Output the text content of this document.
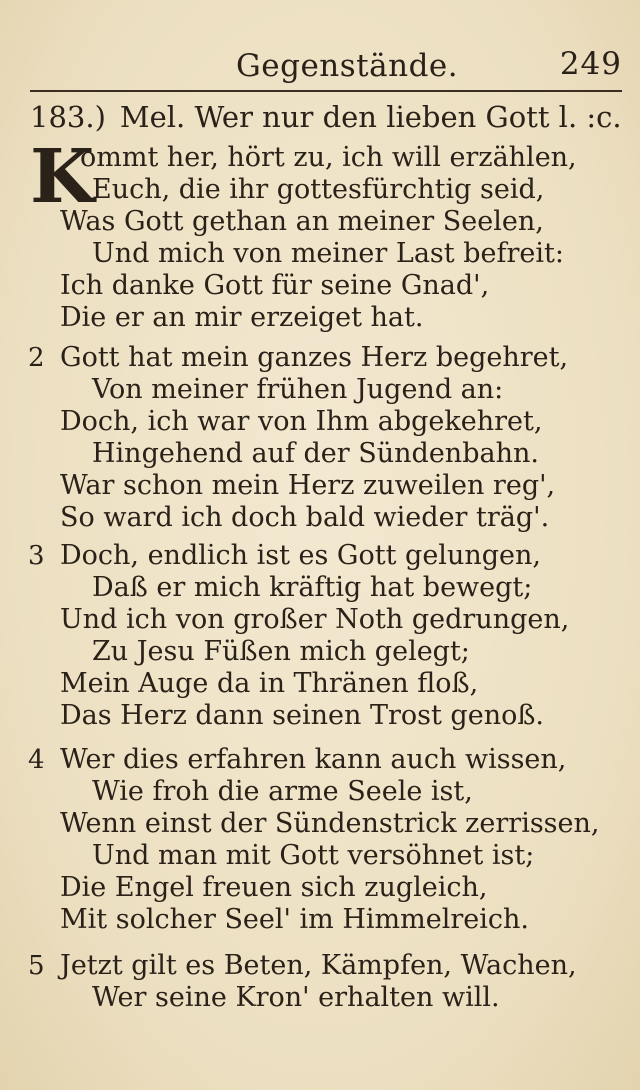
Gegenstände.	249
183.) Mel. Wer nur den lieben Gott l. :c.
K
ommt her, hört zu, ich will erzählen,
Euch, die ihr gottesfürchtig seid,
Was Gott gethan an meiner Seelen,
Und mich von meiner Last befreit:
Ich danke Gott für seine Gnad',
Die er an mir erzeiget hat.
2 Gott hat mein ganzes Herz begehret,
Von meiner frühen Jugend an:
Doch, ich war von Ihm abgekehret,
Hingehend auf der Sündenbahn.
War schon mein Herz zuweilen reg',
So ward ich doch bald wieder träg'.
3 Doch, endlich ist es Gott gelungen,
Daß er mich kräftig hat bewegt;
Und ich von großer Noth gedrungen,
Zu Jesu Füßen mich gelegt;
Mein Auge da in Thränen floß,
Das Herz dann seinen Trost genoß.
4 Wer dies erfahren kann auch wissen,
Wie froh die arme Seele ist,
Wenn einst der Sündenstrick zerrissen,
Und man mit Gott versöhnet ist;
Die Engel freuen sich zugleich,
Mit solcher Seel' im Himmelreich.
5 Jetzt gilt es Beten, Kämpfen, Wachen,
Wer seine Kron' erhalten will.
